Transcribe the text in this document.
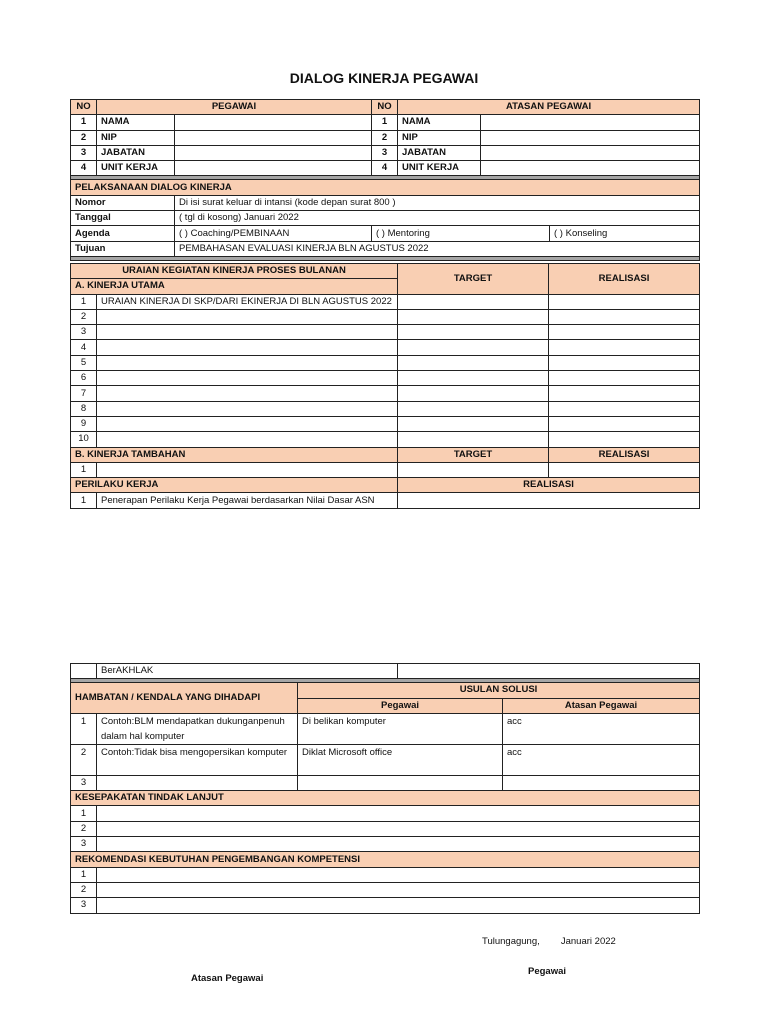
DIALOG KINERJA PEGAWAI
NO	PEGAWAI		NO	ATASAN PEGAWAI		
1	NAMA		1	NAMA		
2	NIP		2	NIP		
3	JABATAN		3	JABATAN		
4	UNIT KERJA		4	UNIT KERJA		

PELAKSANAAN DIALOG KINERJA						
Nomor		Di isi surat keluar di intansi (kode depan surat 800 )				
Tanggal		( tgl di kosong) Januari 2022				
Agenda		( ) Coaching/PEMBINAAN	( ) Mentoring			( ) Konseling
Tujuan		PEMBAHASAN EVALUASI KINERJA BLN AGUSTUS 2022				

URAIAN KEGIATAN KINERJA PROSES BULANAN		TARGET	REALISASI
A. KINERJA UTAMA			
1	URAIAN KINERJA DI SKP/DARI EKINERJA DI BLN AGUSTUS 2022		
2			
3			
4			
5			
6			
7			
8			
9			
10			
B. KINERJA TAMBAHAN		TARGET	REALISASI
1			
PERILAKU KERJA		REALISASI	
1	Penerapan Perilaku Kerja Pegawai berdasarkan Nilai Dasar ASN		
	BerAKHLAK			

HAMBATAN / KENDALA YANG DIHADAPI		USULAN SOLUSI		
		Pegawai		Atasan Pegawai
1	Contoh:BLM mendapatkan dukunganpenuh dalam hal komputer	Di belikan komputer		acc
2	Contoh:Tidak bisa mengopersikan komputer	Diklat Microsoft office		acc
3				
KESEPAKATAN TINDAK LANJUT				
1				
2				
3				
REKOMENDASI KEBUTUHAN PENGEMBANGAN KOMPETENSI				
1				
2				
3				
Tulungagung,        Januari 2022
Pegawai
Atasan Pegawai
